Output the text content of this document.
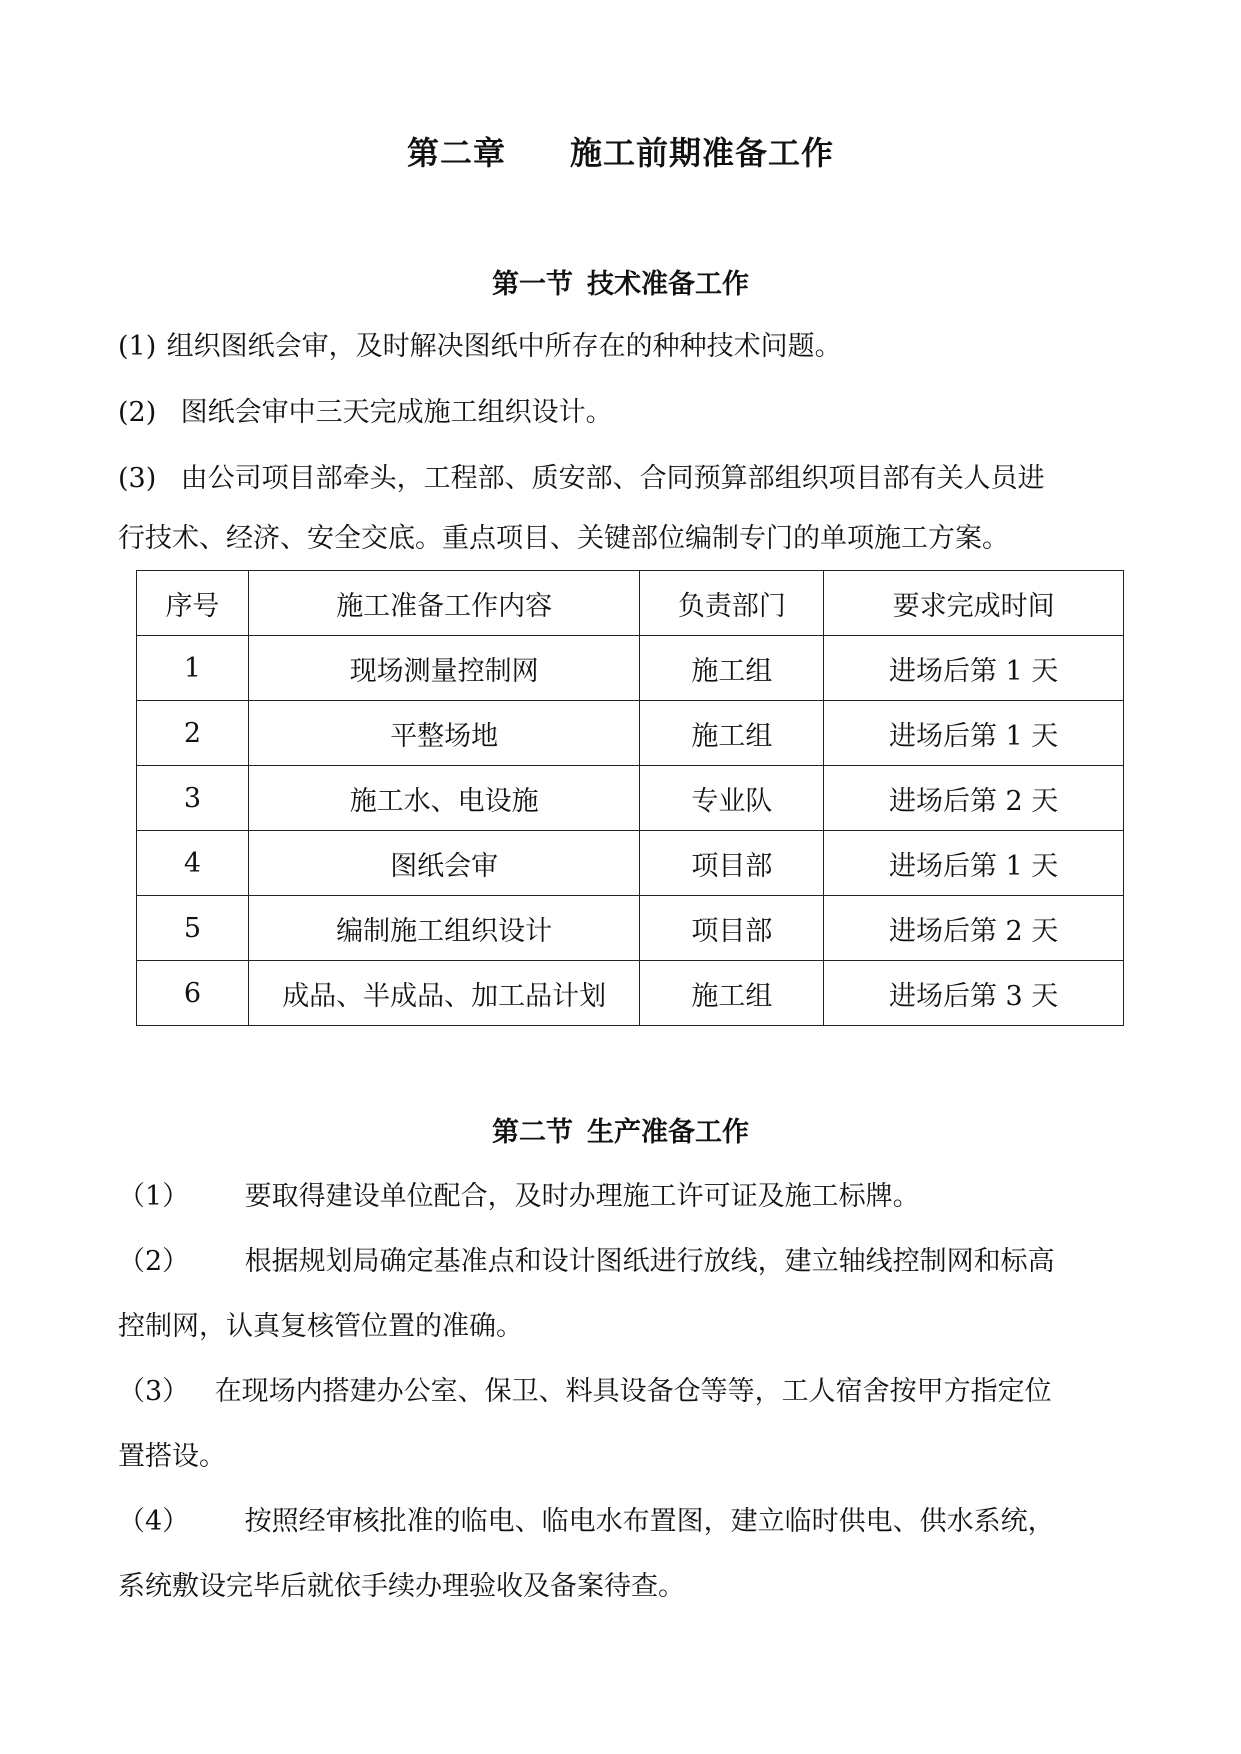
第二章 施工前期准备工作
第一节 技术准备工作
(1) 组织图纸会审，及时解决图纸中所存在的种种技术问题。
(2) 图纸会审中三天完成施工组织设计。
(3) 由公司项目部牵头，工程部、质安部、合同预算部组织项目部有关人员进
行技术、经济、安全交底。重点项目、关键部位编制专门的单项施工方案。
序号	施工准备工作内容	负责部门	要求完成时间
1	现场测量控制网	施工组	进场后第 1 天
2	平整场地	施工组	进场后第 1 天
3	施工水、电设施	专业队	进场后第 2 天
4	图纸会审	项目部	进场后第 1 天
5	编制施工组织设计	项目部	进场后第 2 天
6	成品、半成品、加工品计划	施工组	进场后第 3 天
第二节 生产准备工作
（1） 要取得建设单位配合，及时办理施工许可证及施工标牌。
（2） 根据规划局确定基准点和设计图纸进行放线，建立轴线控制网和标高
控制网，认真复核管位置的准确。
（3） 在现场内搭建办公室、保卫、料具设备仓等等，工人宿舍按甲方指定位
置搭设。
（4） 按照经审核批准的临电、临电水布置图，建立临时供电、供水系统，
系统敷设完毕后就依手续办理验收及备案待查。
